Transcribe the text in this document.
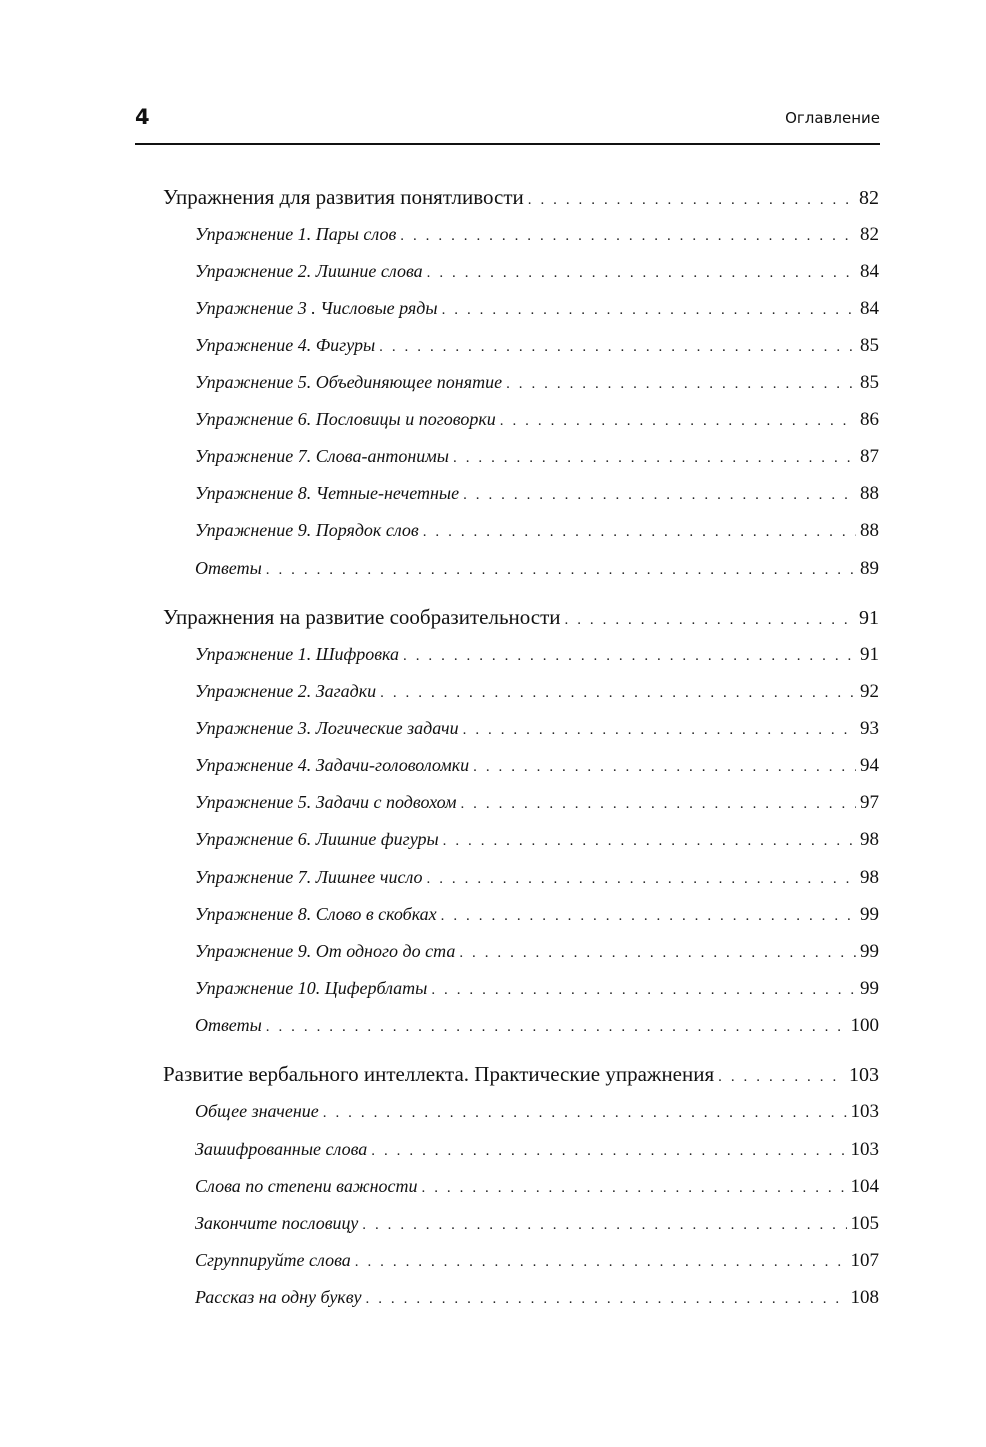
4	Оглавление
Упражнения для развития понятливости . . .	82
Упражнение 1. Пары слов . . .	82
Упражнение 2. Лишние слова . . .	84
Упражнение 3 . Числовые ряды . . .	84
Упражнение 4. Фигуры . . .	85
Упражнение 5. Объединяющее понятие . . .	85
Упражнение 6. Пословицы и поговорки . . .	86
Упражнение 7. Слова-антонимы . . .	87
Упражнение 8. Четные-нечетные . . .	88
Упражнение 9. Порядок слов . . .	88
Ответы . . .	89
Упражнения на развитие сообразительности . . .	91
Упражнение 1. Шифровка . . .	91
Упражнение 2. Загадки . . .	92
Упражнение 3. Логические задачи . . .	93
Упражнение 4. Задачи-головоломки . . .	94
Упражнение 5. Задачи с подвохом . . .	97
Упражнение 6. Лишние фигуры . . .	98
Упражнение 7. Лишнее число . . .	98
Упражнение 8. Слово в скобках . . .	99
Упражнение 9. От одного до ста . . .	99
Упражнение 10. Циферблаты . . .	99
Ответы . . .	100
Развитие вербального интеллекта. Практические упражнения . . .	103
Общее значение . . .	103
Зашифрованные слова . . .	103
Слова по степени важности . . .	104
Закончите пословицу . . .	105
Сгруппируйте слова . . .	107
Рассказ на одну букву . . .	108
